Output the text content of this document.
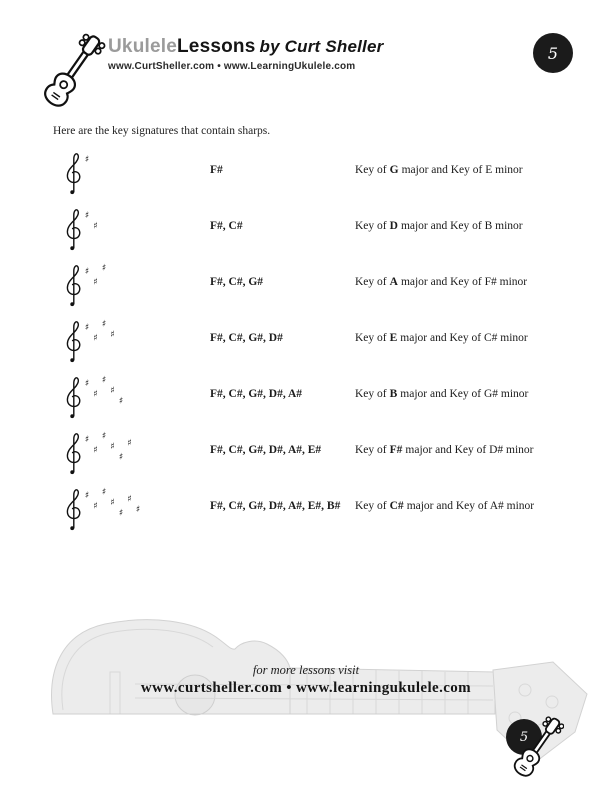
UkuleleLessons by Curt Sheller
www.CurtSheller.com • www.LearningUkulele.com
5
Here are the key signatures that contain sharps.
♯
F#	Key of G major and Key of E minor
♯
♯	F#, C#	Key of D major and Key of B minor
♯
♯
♯
F#, C#, G#	Key of A major and Key of F# minor
♯
♯
♯
♯	F#, C#, G#, D#	Key of E major and Key of C# minor
♯
♯
♯
♯
♯
F#, C#, G#, D#, A#	Key of B major and Key of G# minor
♯
♯
♯
♯
♯
♯
F#, C#, G#, D#, A#, E#	Key of F# major and Key of D# minor
♯
♯
♯
♯
♯
♯
♯	F#, C#, G#, D#, A#, E#, B# Key of C# major and Key of A# minor
for more lessons visit
www.curtsheller.com • www.learningukulele.com
5
